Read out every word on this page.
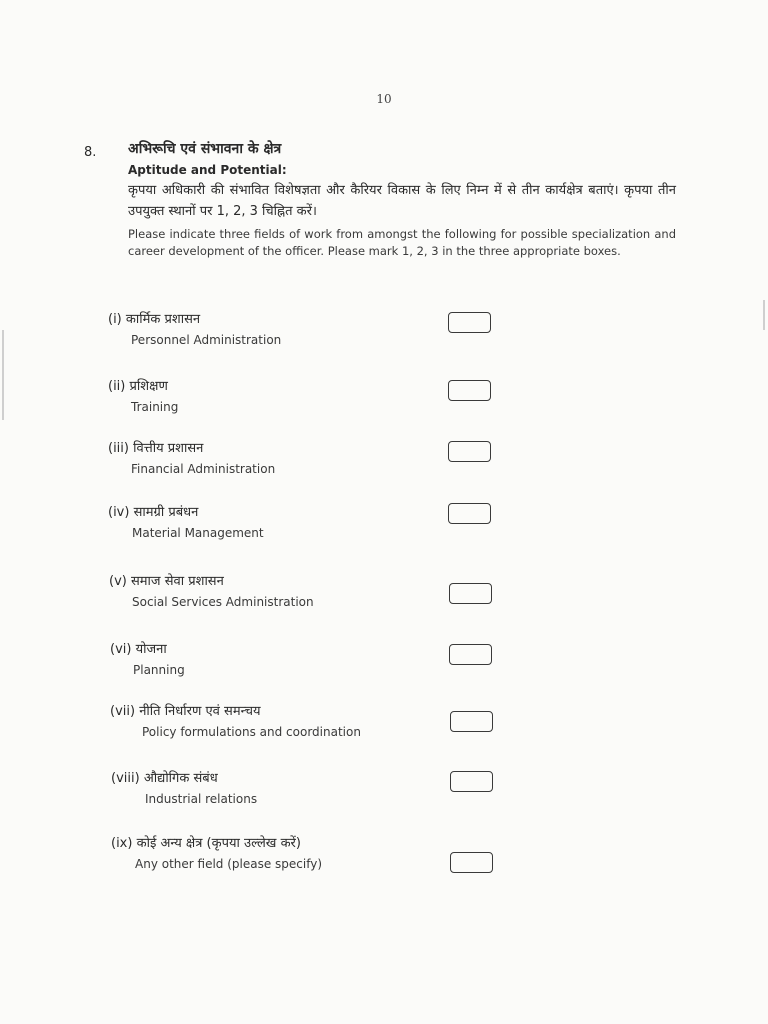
10
8. अभिरूचि एवं संभावना के क्षेत्र
Aptitude and Potential:
कृपया अधिकारी की संभावित विशेषज्ञता और कैरियर विकास के लिए निम्न में से तीन कार्यक्षेत्र बताएं। कृपया तीन उपयुक्त स्थानों पर 1, 2, 3 चिह्नित करें।
Please indicate three fields of work from amongst the following for possible specialization and career development of the officer. Please mark 1, 2, 3 in the three appropriate boxes.
(i) कार्मिक प्रशासन
Personnel Administration
(ii) प्रशिक्षण
Training
(iii) वित्तीय प्रशासन
Financial Administration
(iv) सामग्री प्रबंधन
Material Management
(v) समाज सेवा प्रशासन
Social Services Administration
(vi) योजना
Planning
(vii) नीति निर्धारण एवं समन्चय
Policy formulations and coordination
(viii) औद्योगिक संबंध
Industrial relations
(ix) कोई अन्य क्षेत्र (कृपया उल्लेख करें)
Any other field (please specify)
